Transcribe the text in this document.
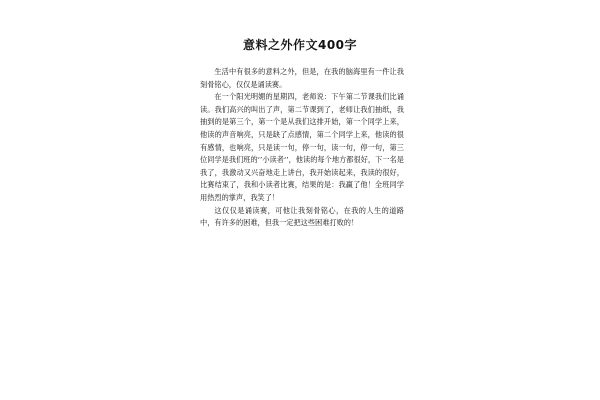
意料之外作文400字

生活中有很多的意料之外，但是，在我的脑海里有一件让我刻骨铭心，仅仅是诵读赛。

在一个阳光明媚的星期四，老师说：下午第二节课我们比诵读。我们高兴的叫出了声，第二节课到了，老师让我们抽纸，我抽到的是第三个，第一个是从我们这排开始，第一个同学上来，他读的声音响亮，只是缺了点感情，第二个同学上来，他读的很有感情，也响亮，只是读一句，停一句，读一句，停一句，第三位同学是我们班的‘’小读者‘’，他读的每个地方都很好，下一名是我了，我激动又兴奋地走上讲台，我开始读起来，我读的很好，比赛结束了，我和小读者比赛，结果的是：我赢了他！全班同学用热烈的掌声，我笑了！

这仅仅是诵读赛，可他让我刻骨铭心，在我的人生的道路中，有许多的困难，但我一定把这些困难打败的！
